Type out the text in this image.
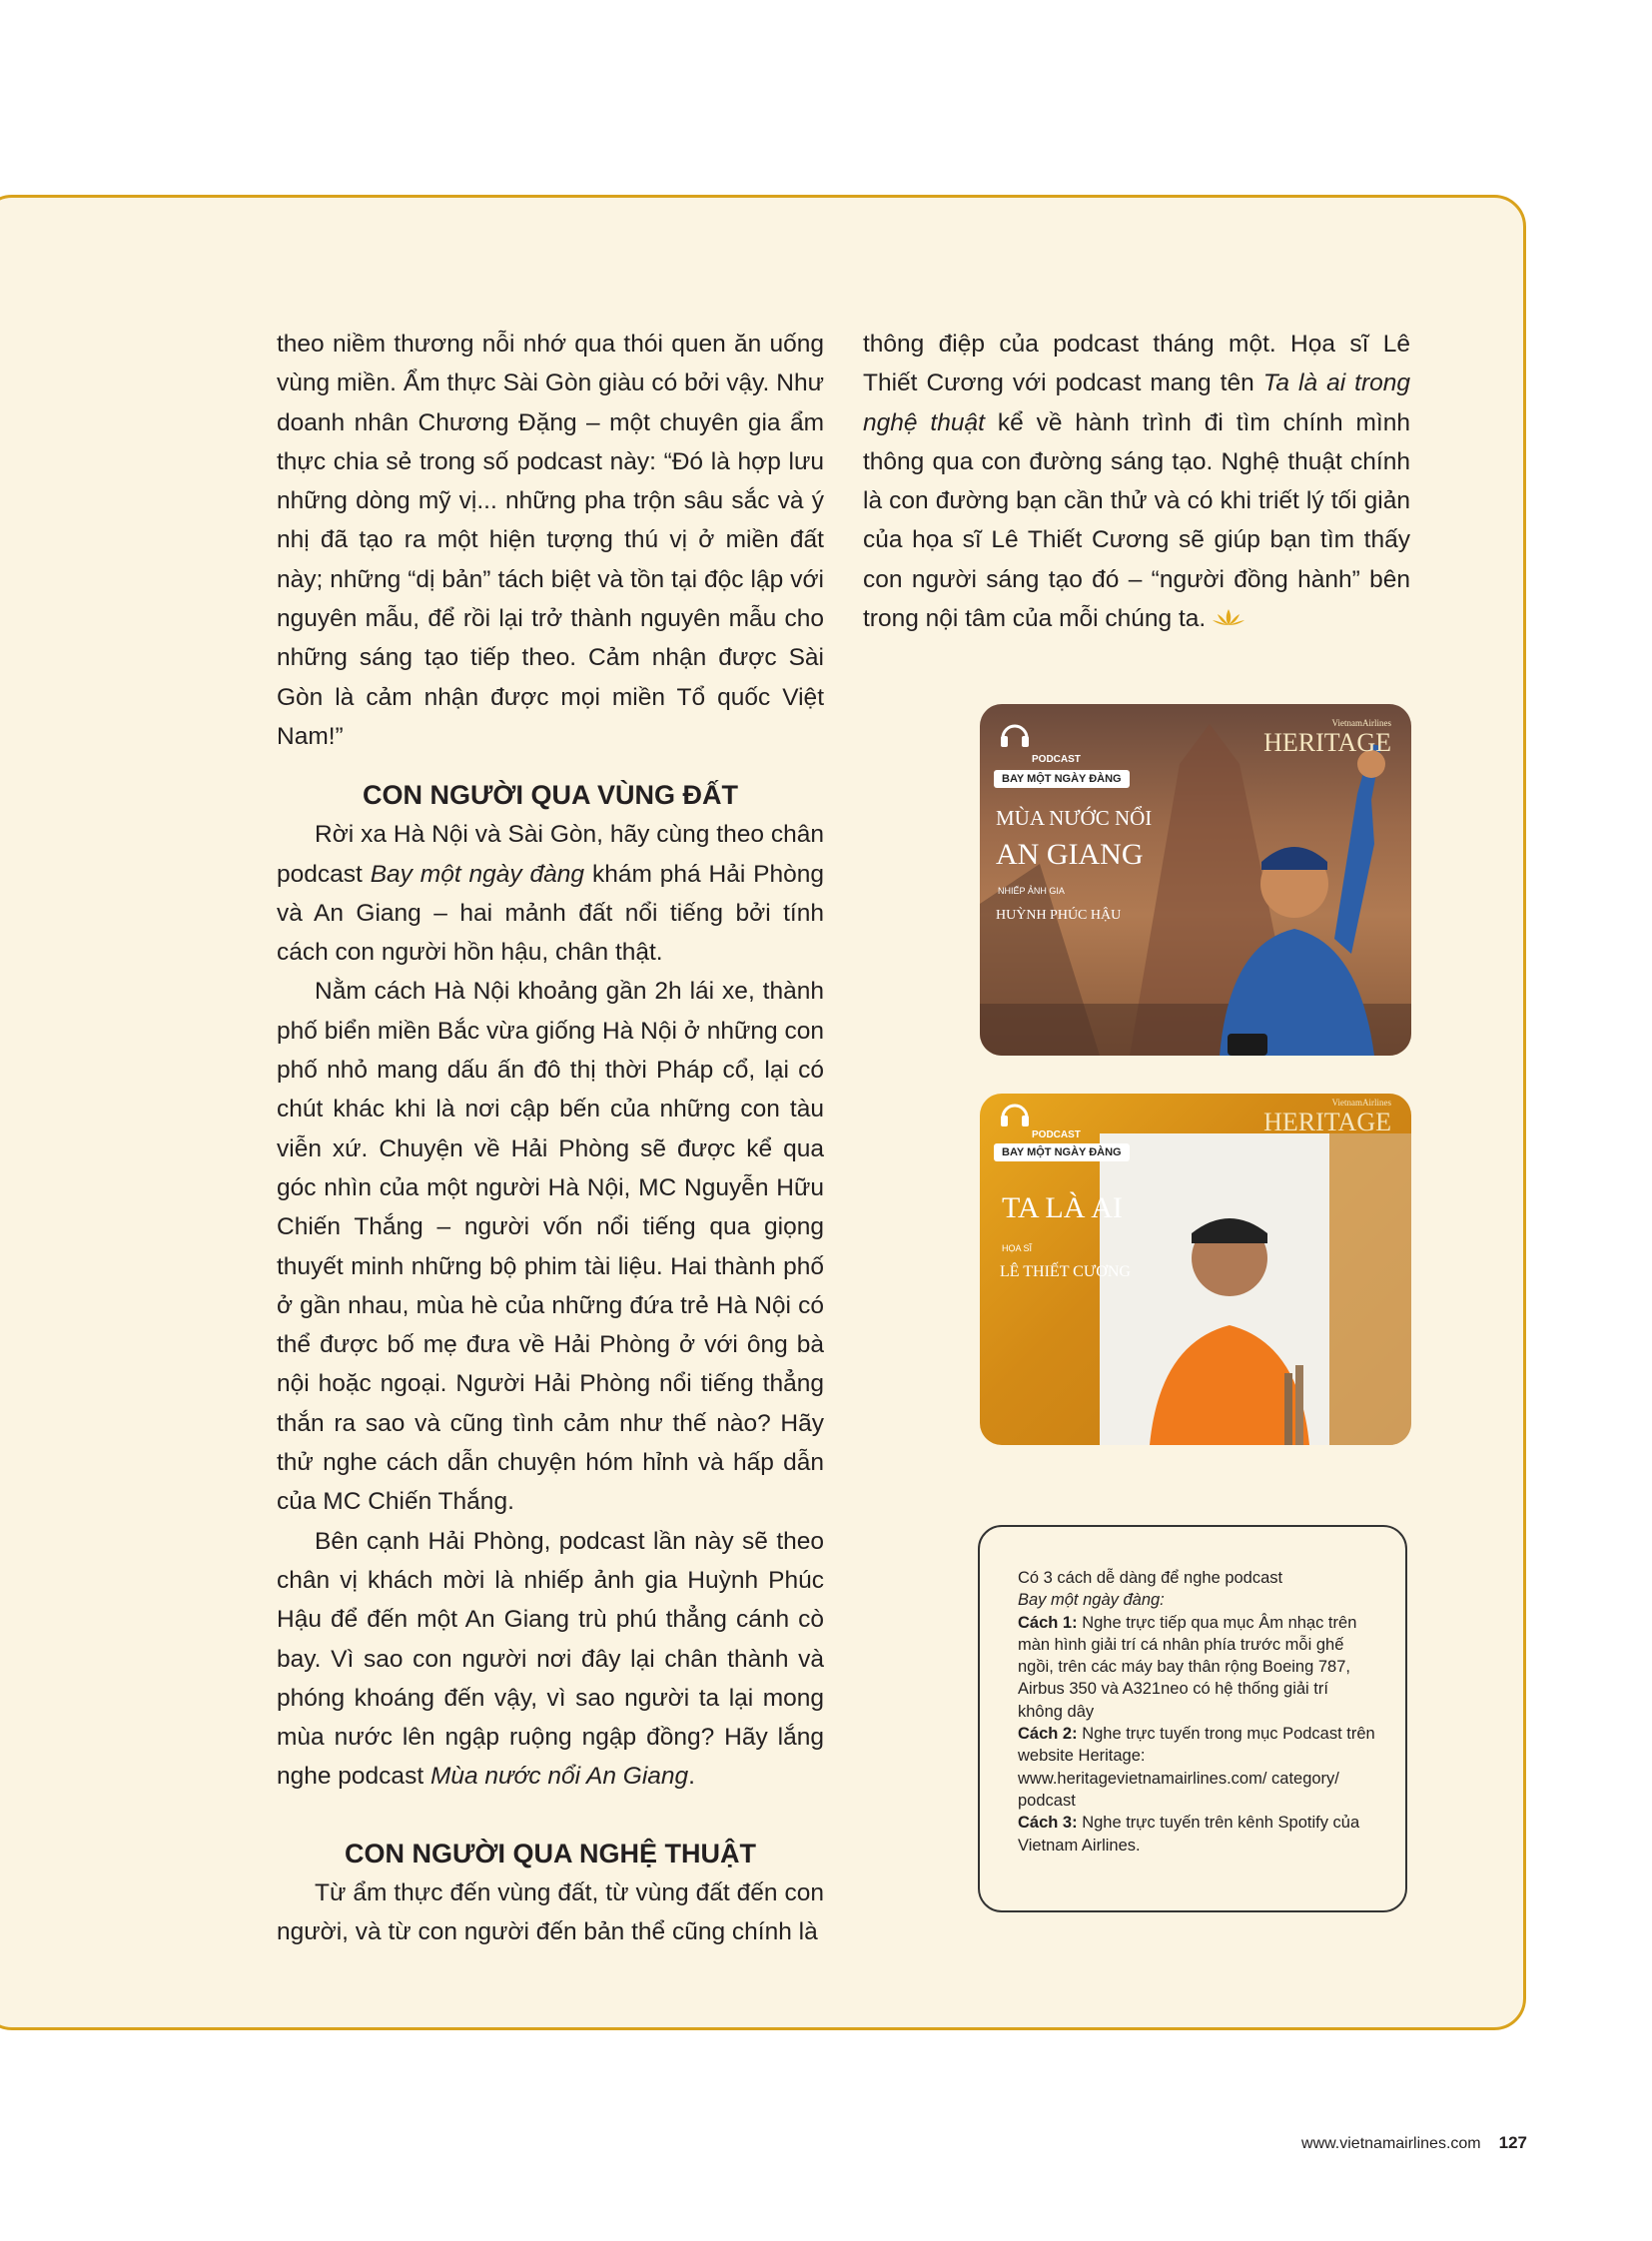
theo niềm thương nỗi nhớ qua thói quen ăn uống vùng miền. Ẩm thực Sài Gòn giàu có bởi vậy. Như doanh nhân Chương Đặng – một chuyên gia ẩm thực chia sẻ trong số podcast này: “Đó là hợp lưu những dòng mỹ vị... những pha trộn sâu sắc và ý nhị đã tạo ra một hiện tượng thú vị ở miền đất này; những “dị bản” tách biệt và tồn tại độc lập với nguyên mẫu, để rồi lại trở thành nguyên mẫu cho những sáng tạo tiếp theo. Cảm nhận được Sài Gòn là cảm nhận được mọi miền Tổ quốc Việt Nam!”

CON NGƯỜI QUA VÙNG ĐẤT

Rời xa Hà Nội và Sài Gòn, hãy cùng theo chân podcast Bay một ngày đàng khám phá Hải Phòng và An Giang – hai mảnh đất nổi tiếng bởi tính cách con người hồn hậu, chân thật.

Nằm cách Hà Nội khoảng gần 2h lái xe, thành phố biển miền Bắc vừa giống Hà Nội ở những con phố nhỏ mang dấu ấn đô thị thời Pháp cổ, lại có chút khác khi là nơi cập bến của những con tàu viễn xứ. Chuyện về Hải Phòng sẽ được kể qua góc nhìn của một người Hà Nội, MC Nguyễn Hữu Chiến Thắng – người vốn nổi tiếng qua giọng thuyết minh những bộ phim tài liệu. Hai thành phố ở gần nhau, mùa hè của những đứa trẻ Hà Nội có thể được bố mẹ đưa về Hải Phòng ở với ông bà nội hoặc ngoại. Người Hải Phòng nổi tiếng thẳng thắn ra sao và cũng tình cảm như thế nào? Hãy thử nghe cách dẫn chuyện hóm hỉnh và hấp dẫn của MC Chiến Thắng.

Bên cạnh Hải Phòng, podcast lần này sẽ theo chân vị khách mời là nhiếp ảnh gia Huỳnh Phúc Hậu để đến một An Giang trù phú thẳng cánh cò bay. Vì sao con người nơi đây lại chân thành và phóng khoáng đến vậy, vì sao người ta lại mong mùa nước lên ngập ruộng ngập đồng? Hãy lắng nghe podcast Mùa nước nổi An Giang.

CON NGƯỜI QUA NGHỆ THUẬT

Từ ẩm thực đến vùng đất, từ vùng đất đến con người, và từ con người đến bản thể cũng chính là

thông điệp của podcast tháng một. Họa sĩ Lê Thiết Cương với podcast mang tên Ta là ai trong nghệ thuật kể về hành trình đi tìm chính mình thông qua con đường sáng tạo. Nghệ thuật chính là con đường bạn cần thử và có khi triết lý tối giản của họa sĩ Lê Thiết Cương sẽ giúp bạn tìm thấy con người sáng tạo đó – “người đồng hành” bên trong nội tâm của mỗi chúng ta.

PODCAST
BAY MỘT NGÀY ĐÀNG
MÙA NƯỚC NỔI
AN GIANG
NHIẾP ẢNH GIA
HUỲNH PHÚC HẬU
VietnamAirlines
HERITAGE
PODCAST
BAY MỘT NGÀY ĐÀNG
TA LÀ AI
HỌA SĨ
LÊ THIẾT CƯƠNG
VietnamAirlines
HERITAGE

Có 3 cách dễ dàng để nghe podcast

Bay một ngày đàng:

Cách 1: Nghe trực tiếp qua mục Âm nhạc trên màn hình giải trí cá nhân phía trước mỗi ghế ngồi, trên các máy bay thân rộng Boeing 787, Airbus 350 và A321neo có hệ thống giải trí không dây

Cách 2: Nghe trực tuyến trong mục Podcast trên website Heritage: www.heritagevietnamairlines.com/ category/ podcast

Cách 3: Nghe trực tuyến trên kênh Spotify của Vietnam Airlines.

www.vietnamairlines.com 127
